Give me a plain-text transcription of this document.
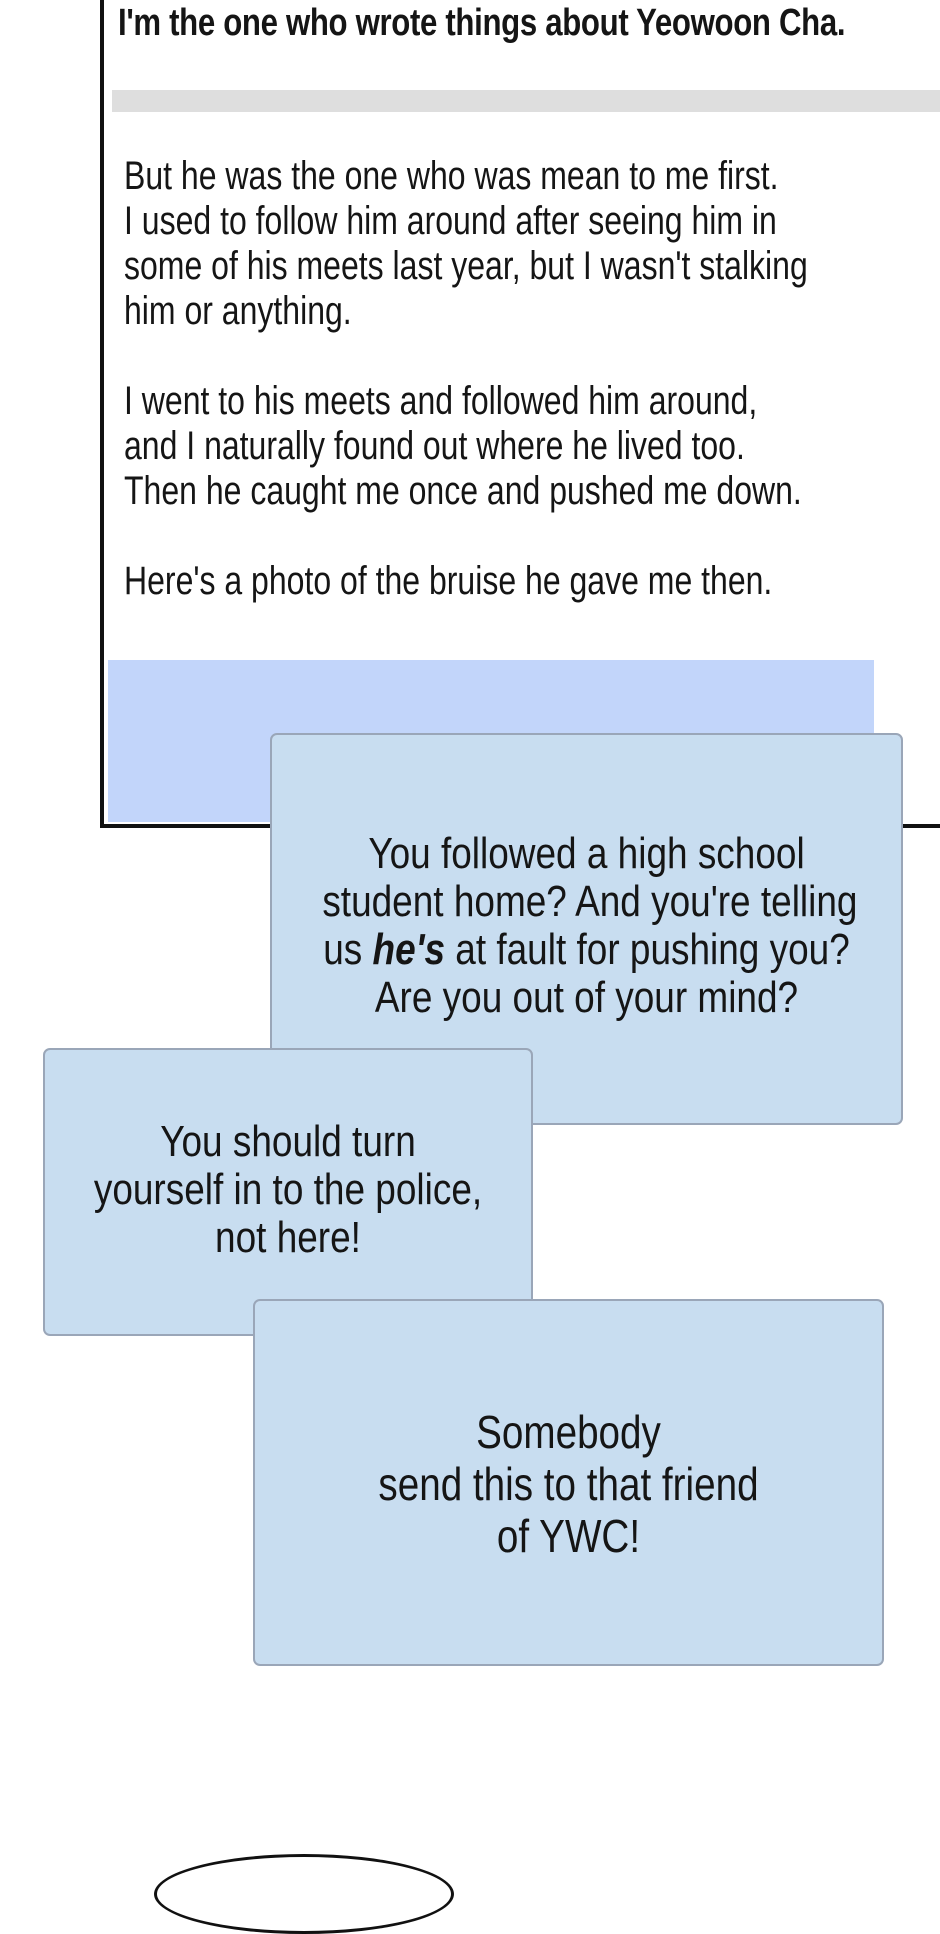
I'm the one who wrote things about Yeowoon Cha.

But he was the one who was mean to me first.
I used to follow him around after seeing him in
some of his meets last year, but I wasn't stalking
him or anything.

I went to his meets and followed him around,
and I naturally found out where he lived too.
Then he caught me once and pushed me down.

Here's a photo of the bruise he gave me then.

You followed a high school
student home? And you're telling
us he's at fault for pushing you?
Are you out of your mind?
You should turn
yourself in to the police,
not here!
Somebody
send this to that friend
of YWC!
